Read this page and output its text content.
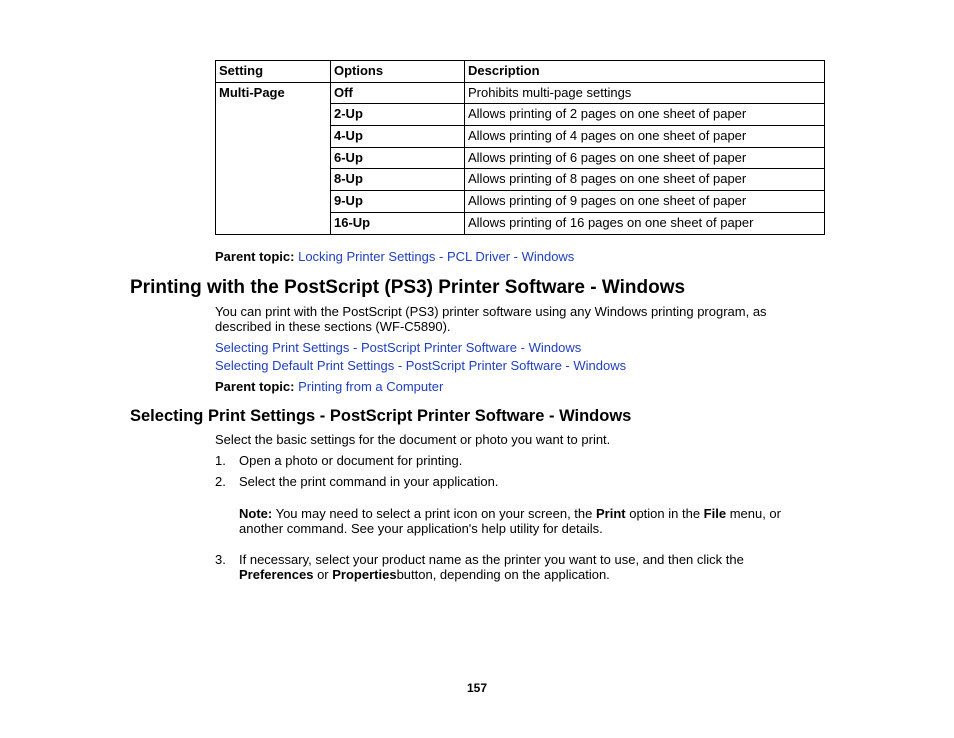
Setting	Options	Description
Multi-Page	Off	Prohibits multi-page settings
	2-Up	Allows printing of 2 pages on one sheet of paper
	4-Up	Allows printing of 4 pages on one sheet of paper
	6-Up	Allows printing of 6 pages on one sheet of paper
	8-Up	Allows printing of 8 pages on one sheet of paper
	9-Up	Allows printing of 9 pages on one sheet of paper
	16-Up	Allows printing of 16 pages on one sheet of paper
Parent topic: Locking Printer Settings - PCL Driver - Windows
Printing with the PostScript (PS3) Printer Software - Windows
You can print with the PostScript (PS3) printer software using any Windows printing program, as
described in these sections (WF-C5890).
Selecting Print Settings - PostScript Printer Software - Windows
Selecting Default Print Settings - PostScript Printer Software - Windows
Parent topic: Printing from a Computer
Selecting Print Settings - PostScript Printer Software - Windows
Select the basic settings for the document or photo you want to print.
1. Open a photo or document for printing.
2. Select the print command in your application.
Note: You may need to select a print icon on your screen, the Print option in the File menu, or
another command. See your application's help utility for details.
3. If necessary, select your product name as the printer you want to use, and then click the
Preferences or Propertiesbutton, depending on the application.
157
